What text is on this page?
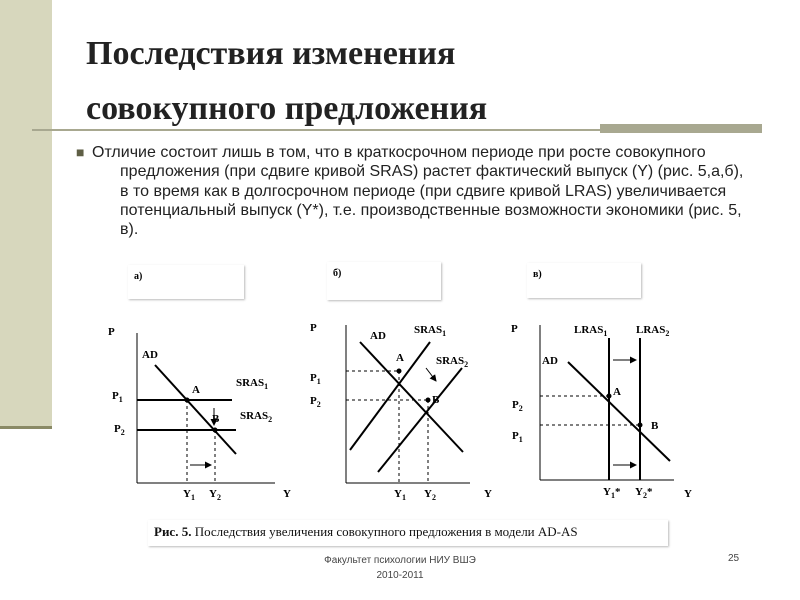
Последствия изменения
совокупного предложения
■ Отличие состоит лишь в том, что в краткосрочном периоде при росте совокупного предложения (при сдвиге кривой SRAS) растет фактический выпуск (Y) (рис. 5,а,б), в то время как в долгосрочном периоде (при сдвиге кривой LRAS) увеличивается потенциальный выпуск (Y*), т.е. производственные возможности экономики (рис. 5, в).

а)	б)	в)
P
Y
AD
$SRAS_1$
$SRAS_2$
$P_1$
$P_2$
A
B
$Y_1$ $Y_2$
P
Y
AD	$SRAS_1$
$SRAS_2$
$P_1$
$P_2$
A
B
$Y_1$ $Y_2$
P
Y
AD
$LRAS_1$	$LRAS_2$
$P_2$
$P_1$
A
B
$Y_1*$ $Y_2*$
Рис. 5. Последствия увеличения совокупного предложения в модели AD-AS
Факультет психологии НИУ ВШЭ
2010-2011
25
